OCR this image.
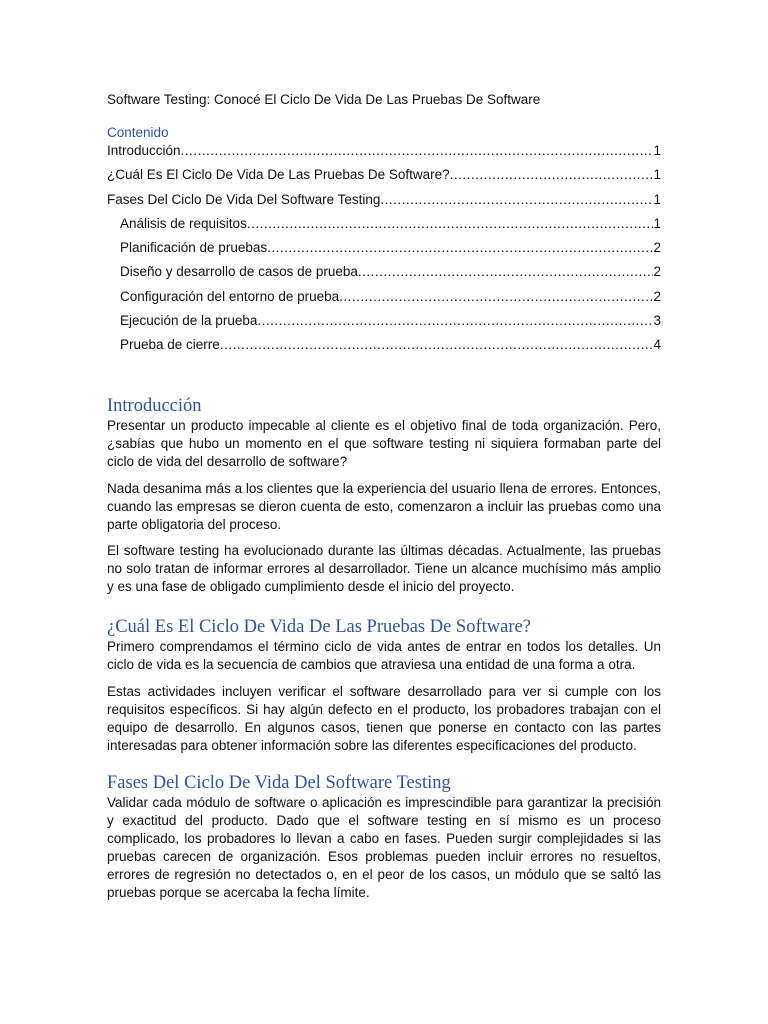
Software Testing: Conocé El Ciclo De Vida De Las Pruebas De Software
Contenido
Introducción .....	1
¿Cuál Es El Ciclo De Vida De Las Pruebas De Software? .....	1
Fases Del Ciclo De Vida Del Software Testing .....	1
Análisis de requisitos .....	1
Planificación de pruebas .....	2
Diseño y desarrollo de casos de prueba .....	2
Configuración del entorno de prueba .....	2
Ejecución de la prueba .....	3
Prueba de cierre .....	4
Introducción

Presentar un producto impecable al cliente es el objetivo final de toda organización. Pero, ¿sabías que hubo un momento en el que software testing ni siquiera formaban parte del ciclo de vida del desarrollo de software?

Nada desanima más a los clientes que la experiencia del usuario llena de errores. Entonces, cuando las empresas se dieron cuenta de esto, comenzaron a incluir las pruebas como una parte obligatoria del proceso.

El software testing ha evolucionado durante las últimas décadas. Actualmente, las pruebas no solo tratan de informar errores al desarrollador. Tiene un alcance muchísimo más amplio y es una fase de obligado cumplimiento desde el inicio del proyecto.

¿Cuál Es El Ciclo De Vida De Las Pruebas De Software?

Primero comprendamos el término ciclo de vida antes de entrar en todos los detalles. Un ciclo de vida es la secuencia de cambios que atraviesa una entidad de una forma a otra.

Estas actividades incluyen verificar el software desarrollado para ver si cumple con los requisitos específicos. Si hay algún defecto en el producto, los probadores trabajan con el equipo de desarrollo. En algunos casos, tienen que ponerse en contacto con las partes interesadas para obtener información sobre las diferentes especificaciones del producto.

Fases Del Ciclo De Vida Del Software Testing

Validar cada módulo de software o aplicación es imprescindible para garantizar la precisión y exactitud del producto. Dado que el software testing en sí mismo es un proceso complicado, los probadores lo llevan a cabo en fases. Pueden surgir complejidades si las pruebas carecen de organización. Esos problemas pueden incluir errores no resueltos, errores de regresión no detectados o, en el peor de los casos, un módulo que se saltó las pruebas porque se acercaba la fecha límite.
